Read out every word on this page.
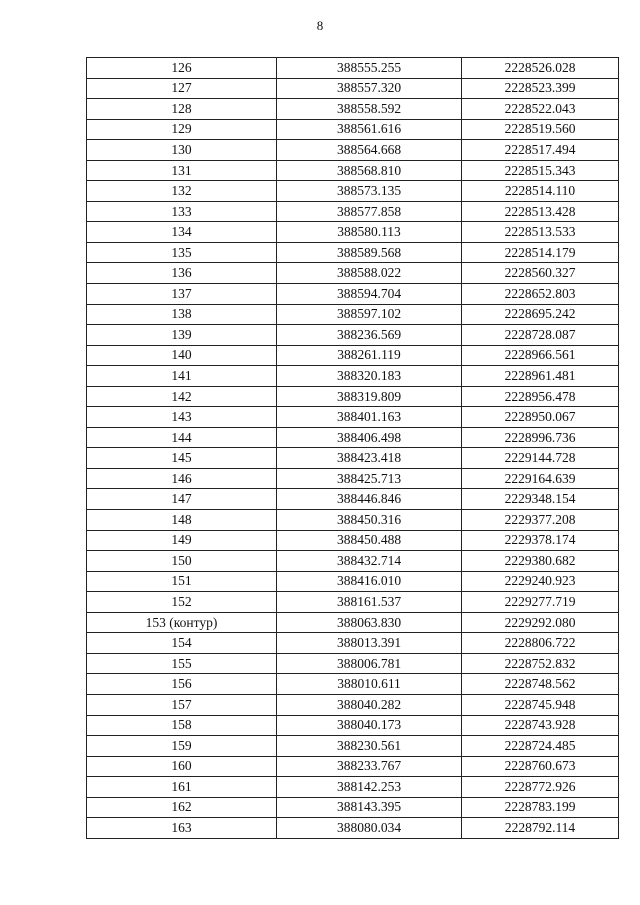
8
126	388555.255	2228526.028
127	388557.320	2228523.399
128	388558.592	2228522.043
129	388561.616	2228519.560
130	388564.668	2228517.494
131	388568.810	2228515.343
132	388573.135	2228514.110
133	388577.858	2228513.428
134	388580.113	2228513.533
135	388589.568	2228514.179
136	388588.022	2228560.327
137	388594.704	2228652.803
138	388597.102	2228695.242
139	388236.569	2228728.087
140	388261.119	2228966.561
141	388320.183	2228961.481
142	388319.809	2228956.478
143	388401.163	2228950.067
144	388406.498	2228996.736
145	388423.418	2229144.728
146	388425.713	2229164.639
147	388446.846	2229348.154
148	388450.316	2229377.208
149	388450.488	2229378.174
150	388432.714	2229380.682
151	388416.010	2229240.923
152	388161.537	2229277.719
153 (контур)	388063.830	2229292.080
154	388013.391	2228806.722
155	388006.781	2228752.832
156	388010.611	2228748.562
157	388040.282	2228745.948
158	388040.173	2228743.928
159	388230.561	2228724.485
160	388233.767	2228760.673
161	388142.253	2228772.926
162	388143.395	2228783.199
163	388080.034	2228792.114
